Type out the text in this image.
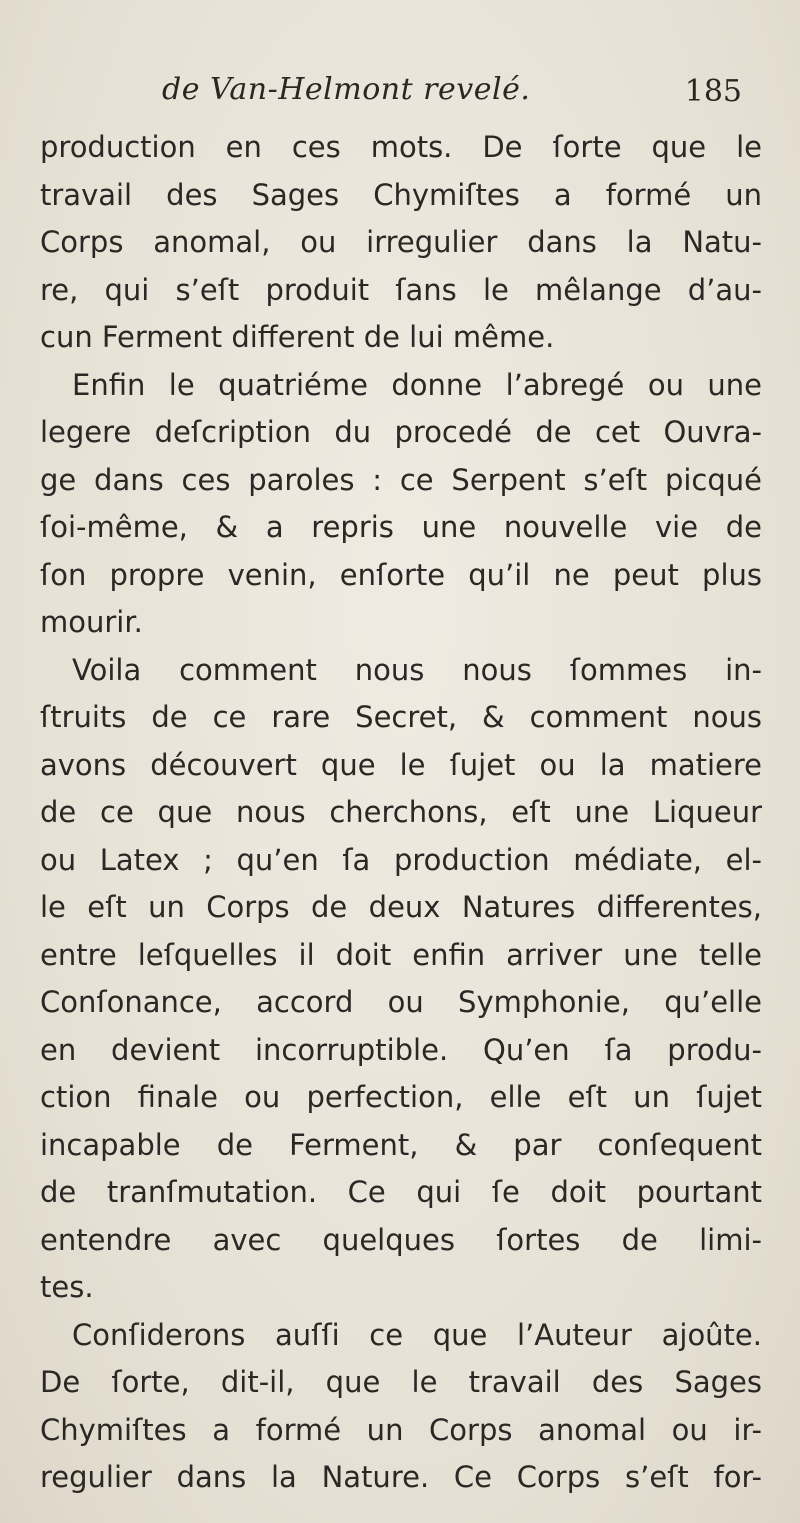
de Van-Helmont revelé.	185
production en ces mots. De ſorte que le
travail des Sages Chymiſtes a formé un
Corps anomal, ou irregulier dans la Natu-
re, qui s’eſt produit ſans le mêlange d’au-
cun Ferment different de lui même.
Enfin le quatriéme donne l’abregé ou une
legere deſcription du procedé de cet Ouvra-
ge dans ces paroles : ce Serpent s’eſt picqué
ſoi-même, & a repris une nouvelle vie de
ſon propre venin, enſorte qu’il ne peut plus
mourir.
Voila comment nous nous ſommes in-
ſtruits de ce rare Secret, & comment nous
avons découvert que le ſujet ou la matiere
de ce que nous cherchons, eſt une Liqueur
ou Latex ; qu’en ſa production médiate, el-
le eſt un Corps de deux Natures differentes,
entre leſquelles il doit enfin arriver une telle
Conſonance, accord ou Symphonie, qu’elle
en devient incorruptible. Qu’en ſa produ-
ction finale ou perfection, elle eſt un ſujet
incapable de Ferment, & par conſequent
de tranſmutation. Ce qui ſe doit pourtant
entendre avec quelques ſortes de limi-
tes.
Conſiderons auſſi ce que l’Auteur ajoûte.
De ſorte, dit-il, que le travail des Sages
Chymiſtes a formé un Corps anomal ou ir-
regulier dans la Nature. Ce Corps s’eſt for-
